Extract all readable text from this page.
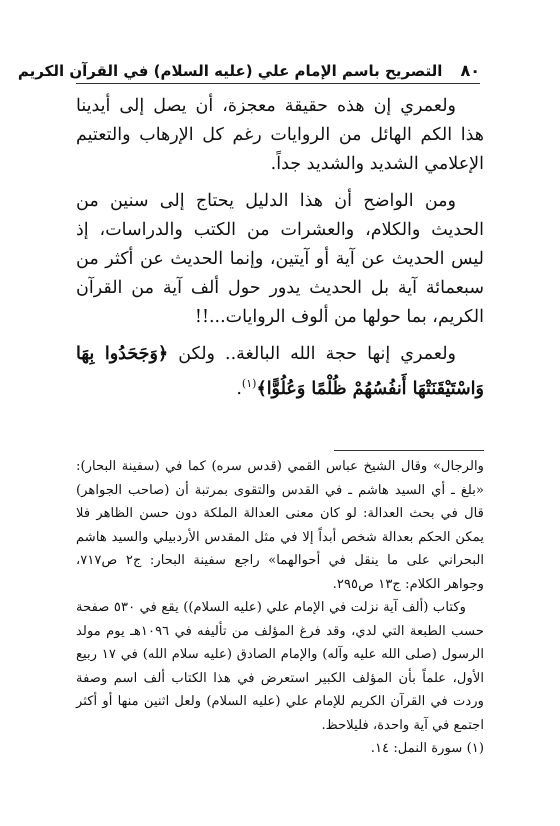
٨٠
التصريح باسم الإمام علي (عليه السلام) في القرآن الكريم

ولعمري إن هذه حقيقة معجزة، أن يصل إلى أيدينا هذا الكم الهائل من الروايات رغم كل الإرهاب والتعتيم الإعلامي الشديد والشديد جداً.

ومن الواضح أن هذا الدليل يحتاج إلى سنين من الحديث والكلام، والعشرات من الكتب والدراسات، إذ ليس الحديث عن آية أو آيتين، وإنما الحديث عن أكثر من سبعمائة آية بل الحديث يدور حول ألف آية من القرآن الكريم، بما حولها من ألوف الروايات...!!

ولعمري إنها حجة الله البالغة.. ولكن ﴿وَجَحَدُوا بِهَا وَاسْتَيْقَنَتْهَا أَنفُسُهُمْ ظُلْمًا وَعُلُوًّا﴾$^{(١)}$.

والرجال» وقال الشيخ عباس القمي (قدس سره) كما في (سفينة البحار): «بلغ ـ أي السيد هاشم ـ في القدس والتقوى بمرتبة أن (صاحب الجواهر) قال في بحث العدالة: لو كان معنى العدالة الملكة دون حسن الظاهر فلا يمكن الحكم بعدالة شخص أبداً إلا في مثل المقدس الأردبيلي والسيد هاشم البحراني على ما ينقل في أحوالهما» راجع سفينة البحار: ج٢ ص٧١٧، وجواهر الكلام: ج١٣ ص٢٩٥.

وكتاب (ألف آية نزلت في الإمام علي (عليه السلام)) يقع في ٥٣٠ صفحة حسب الطبعة التي لدي، وقد فرغ المؤلف من تأليفه في ١٠٩٦هـ يوم مولد الرسول (صلى الله عليه وآله) والإمام الصادق (عليه سلام الله) في ١٧ ربيع الأول، علماً بأن المؤلف الكبير استعرض في هذا الكتاب ألف اسم وصفة وردت في القرآن الكريم للإمام علي (عليه السلام) ولعل اثنين منها أو أكثر اجتمع في آية واحدة، فليلاحظ.

(١) سورة النمل: ١٤.
